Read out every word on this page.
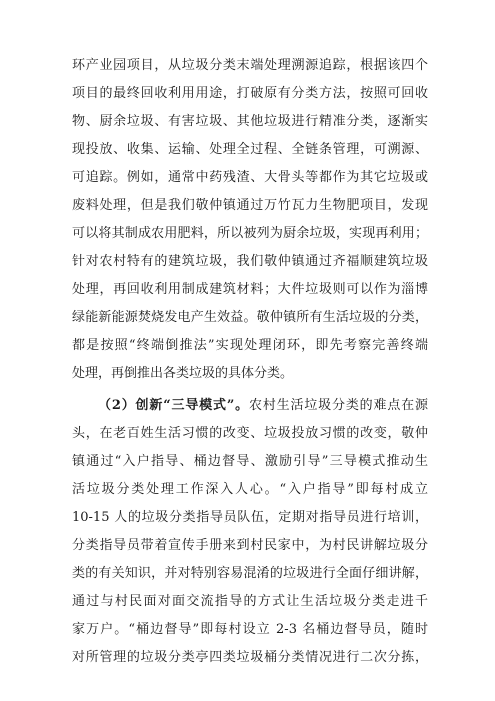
环产业园项目，从垃圾分类末端处理溯源追踪，根据该四个
项目的最终回收利用用途，打破原有分类方法，按照可回收
物、厨余垃圾、有害垃圾、其他垃圾进行精准分类，逐渐实
现投放、收集、运输、处理全过程、全链条管理，可溯源、
可追踪。例如，通常中药残渣、大骨头等都作为其它垃圾或
废料处理，但是我们敬仲镇通过万竹瓦力生物肥项目，发现
可以将其制成农用肥料，所以被列为厨余垃圾，实现再利用；
针对农村特有的建筑垃圾，我们敬仲镇通过齐福顺建筑垃圾
处理，再回收利用制成建筑材料；大件垃圾则可以作为淄博
绿能新能源焚烧发电产生效益。敬仲镇所有生活垃圾的分类，
都是按照“终端倒推法”实现处理闭环，即先考察完善终端
处理，再倒推出各类垃圾的具体分类。
（2）创新“三导模式”。农村生活垃圾分类的难点在源
头，在老百姓生活习惯的改变、垃圾投放习惯的改变，敬仲
镇通过“入户指导、桶边督导、激励引导”三导模式推动生
活垃圾分类处理工作深入人心。“入户指导”即每村成立
10-15 人的垃圾分类指导员队伍，定期对指导员进行培训，
分类指导员带着宣传手册来到村民家中，为村民讲解垃圾分
类的有关知识，并对特别容易混淆的垃圾进行全面仔细讲解，
通过与村民面对面交流指导的方式让生活垃圾分类走进千
家万户。“桶边督导”即每村设立 2-3 名桶边督导员，随时
对所管理的垃圾分类亭四类垃圾桶分类情况进行二次分拣，
